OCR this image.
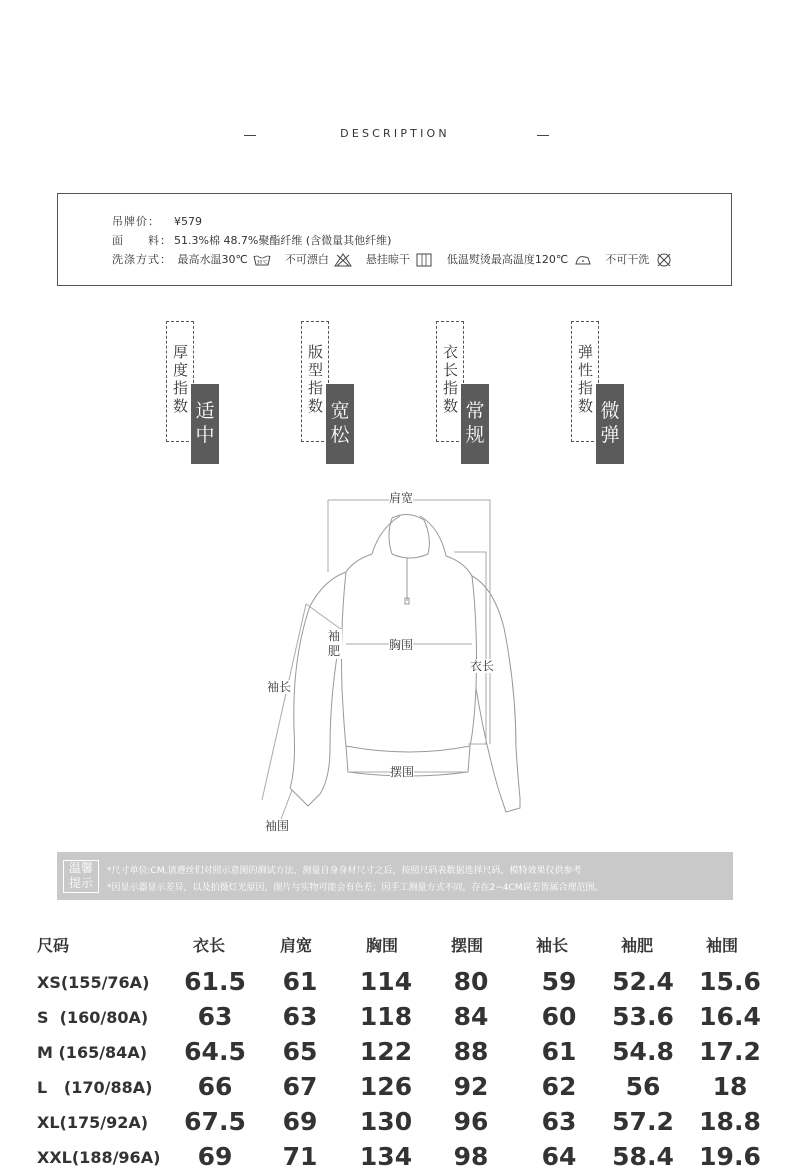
DESCRIPTION
吊牌价： ¥579
面　　料： 51.3%棉 48.7%聚酯纤维 (含微量其他纤维)
洗涤方式： 最高水温30℃ 30℃ 不可漂白	悬挂晾干	低温熨烫最高温度120℃	不可干洗
厚度指数 适中
版型指数 宽松
衣长指数 常规
弹性指数 微弹
肩宽
袖肥	胸围
衣长
袖长
摆围
袖围
温馨
提示
*尺寸单位:CM,请遵丝们对照示意图的测试方法，测量自身身材尺寸之后，按照尺码表数据选择尺码，模特效果仅供参考
*因显示器显示差异，以及拍摄灯光原因，图片与实物可能会有色差；因手工测量方式不同，存在2~4CM误差皆属合理范围。
尺码	衣长	肩宽	胸围	摆围	袖长	袖肥	袖围
XS(155/76A)	61.5	61	114	80	59	52.4	15.6
S  (160/80A)	63	63	118	84	60	53.6	16.4
M (165/84A)	64.5	65	122	88	61	54.8	17.2
L   (170/88A)	66	67	126	92	62	56	18
XL(175/92A)	67.5	69	130	96	63	57.2	18.8
XXL(188/96A)	69	71	134	98	64	58.4	19.6
